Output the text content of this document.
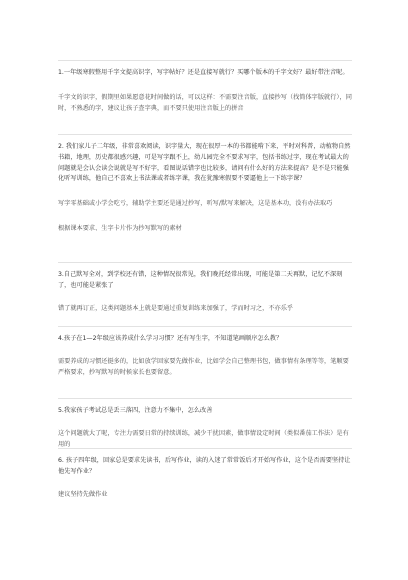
1.一年级寒假整用千字文提高识字，写字帖好？还是直接写就行？买哪个版本的千字文好？最好带注音呢。

千字文的识字，假期里如果愿意花时间做的话，可以这样：不需要注音版，直接抄写（找简体字版就行），同时，不熟悉的字，建议让孩子查字典，而不要只使用注音版上的拼音

2. 我们家儿子二年级，非常喜欢阅读，识字量大，现在很厚一本的书都能啃下来，平时对科普，动植物自然书籍，地理，历史都很感兴趣，可是写字跟不上，幼儿园完全不要求写字，包括书练过字，现在考试最大的问题就是会认会读会说就是写不好字，看图说话错字也比较多，请问有什么好的方法来提高？是不是只能强化听写训练，他自己不喜欢上书法课或者练字课，我在犹豫寒假要不要逼他上一下练字课？

写字零基础或小学会吃亏，辅助学主要还是通过抄写，听写/默写来解决，这是基本功，没有办法取巧

根据课本要求、生字卡片作为抄写默写的素材

3.自己默写全对，到学校还有错，这种情况很常见，我们晚托经常出现，可能是第二天再默，记忆不深刻了，也可能是紧张了

错了就再订正，这类问题基本上就是要通过重复训练来加强了，学而时习之，不亦乐乎

4.孩子在1—2年级应该养成什么学习习惯？还有写生字，不知道笔画顺序怎么教？

需要养成的习惯还挺多的，比如放学回家要先做作业，比如学会自己整理书包，做事情有条理等等，笔顺要严格要求，抄写默写的时候家长也要留意。

5.我家孩子考试总是丢三落四，注意力不集中，怎么改善

这个问题就大了呢，专注力需要日常的持续训练，减少干扰因素，做事情设定时间（类似番茄工作法）是有用的

6. 孩子四年级，回家总是要求先读书，后写作业，读的入迷了常常饭后才开始写作业，这个是否需要坚持让他先写作业？

建议坚持先做作业
